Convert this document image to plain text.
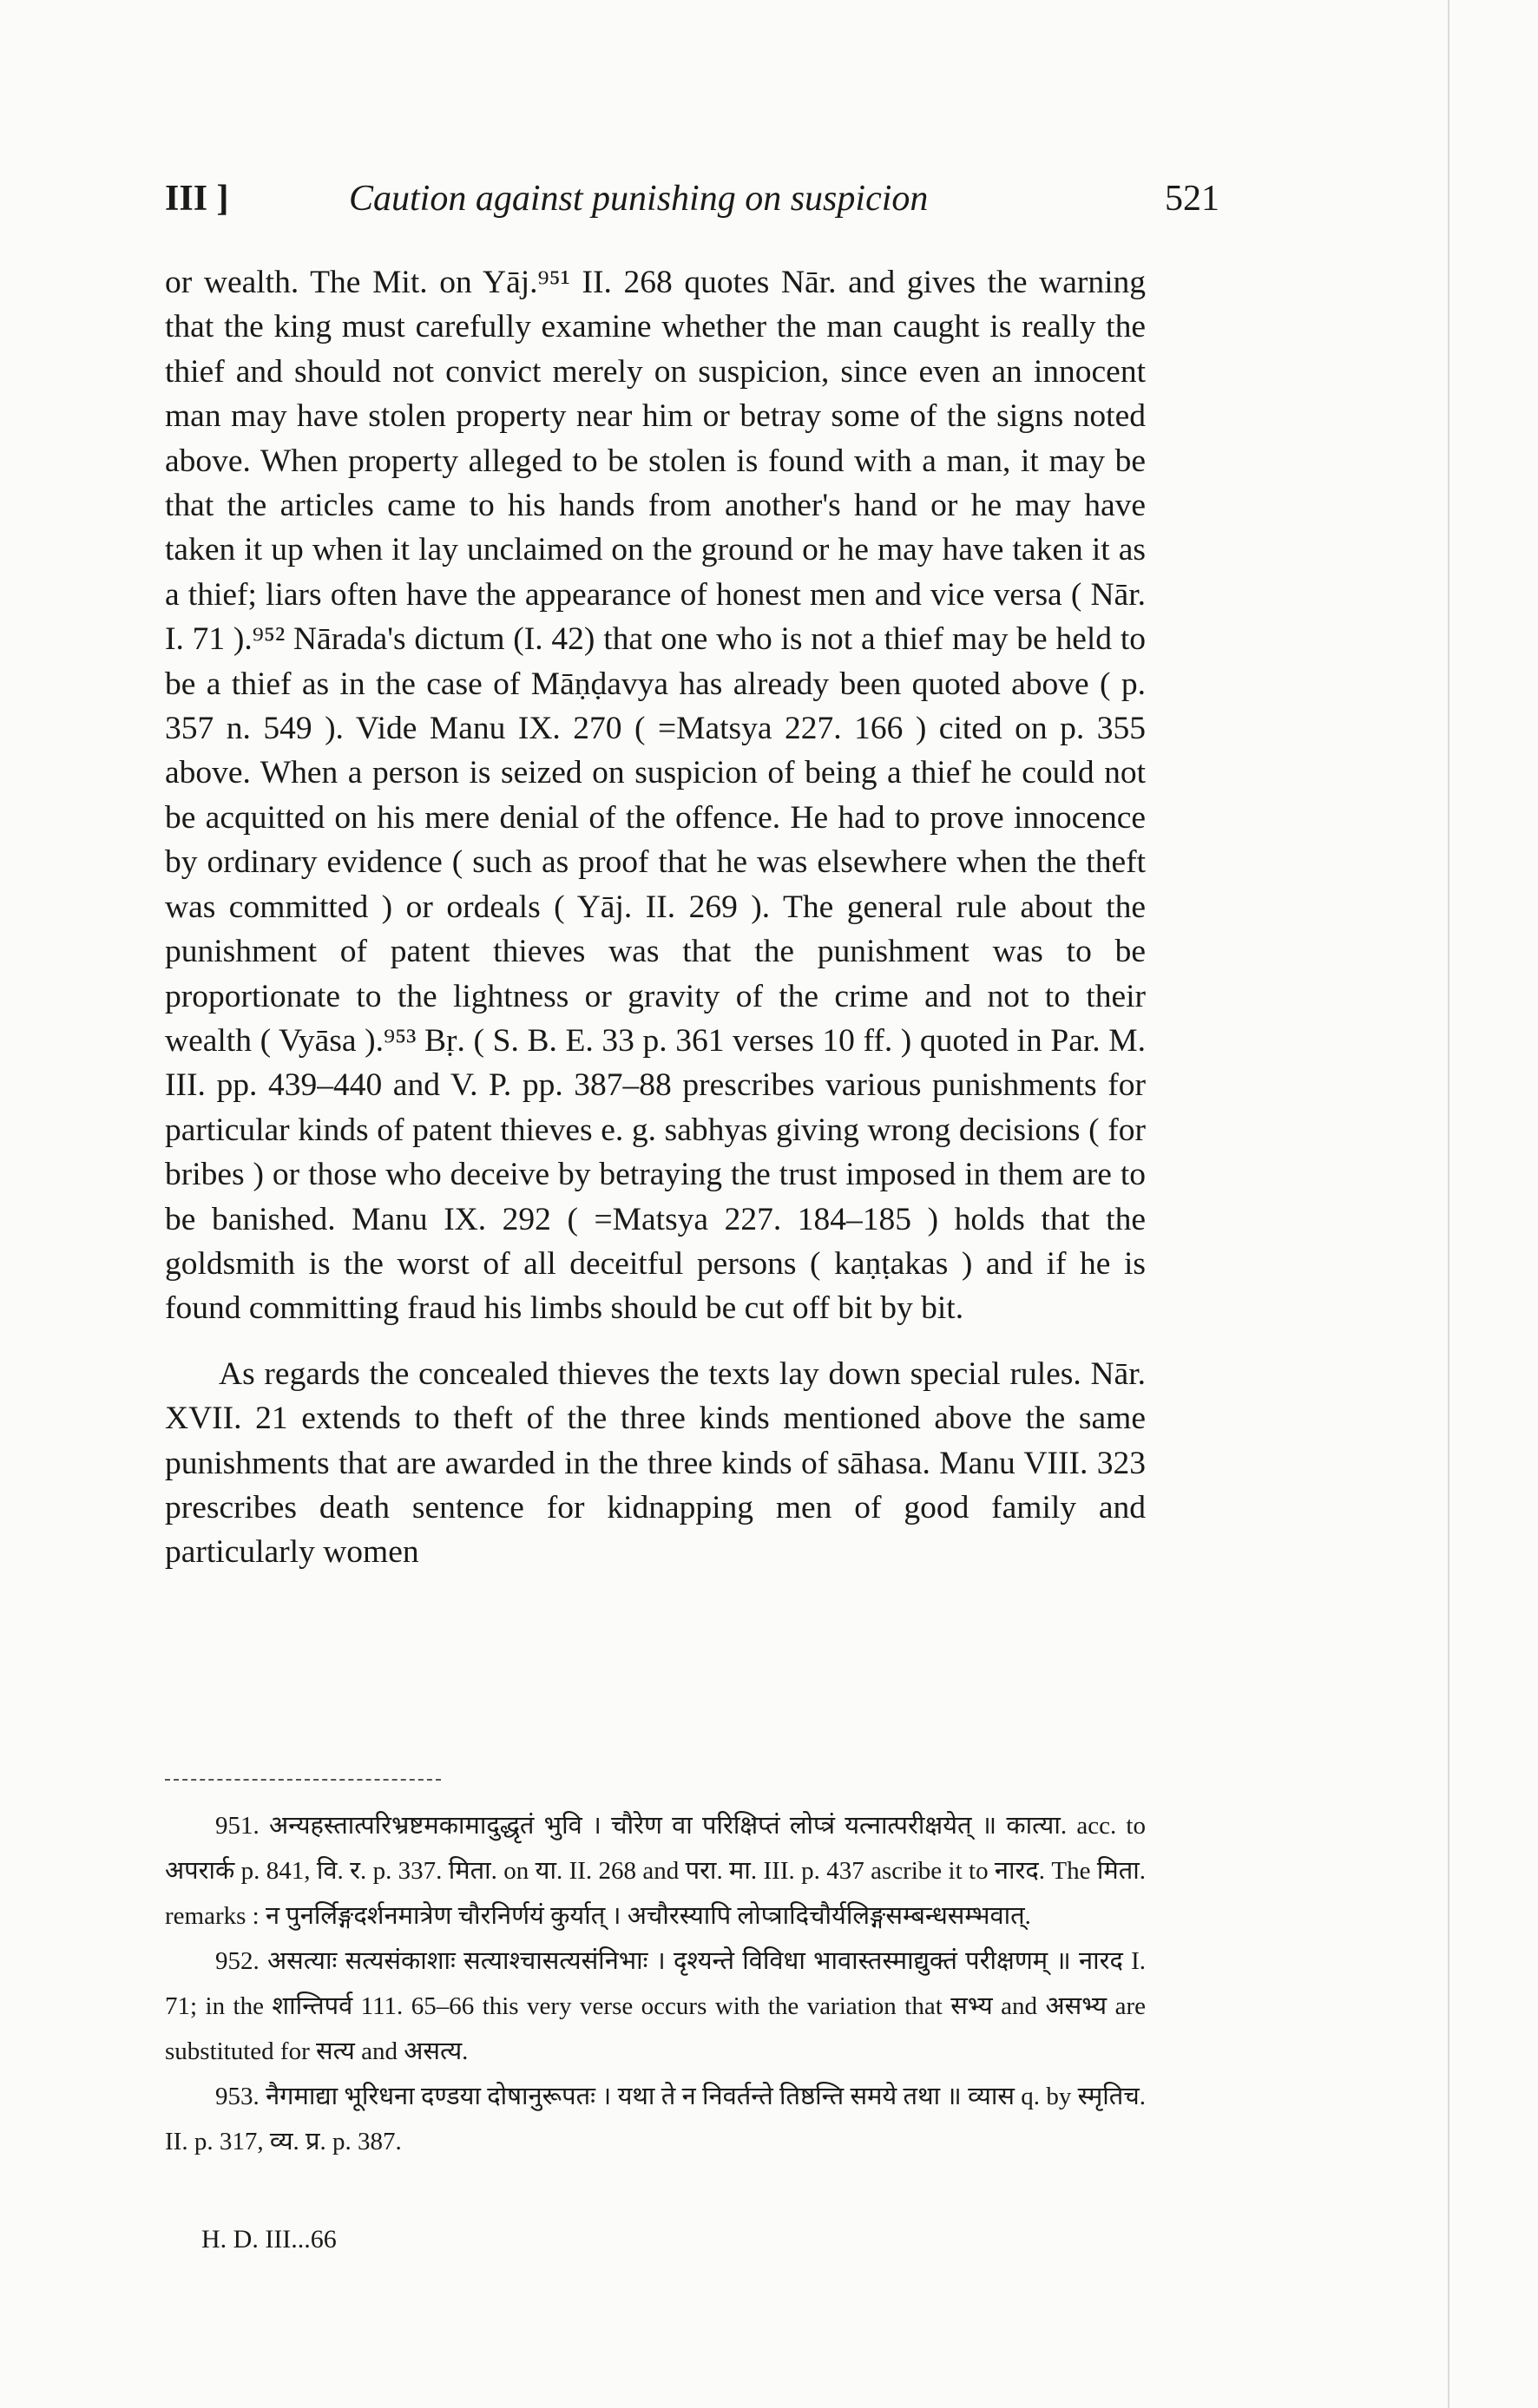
III ]	Caution against punishing on suspicion	521

or wealth. The Mit. on Yāj.⁹⁵¹ II. 268 quotes Nār. and gives the warning that the king must carefully examine whether the man caught is really the thief and should not convict merely on suspicion, since even an innocent man may have stolen property near him or betray some of the signs noted above. When property alleged to be stolen is found with a man, it may be that the articles came to his hands from another's hand or he may have taken it up when it lay unclaimed on the ground or he may have taken it as a thief; liars often have the appearance of honest men and vice versa ( Nār. I. 71 ).⁹⁵² Nārada's dictum (I. 42) that one who is not a thief may be held to be a thief as in the case of Māṇḍavya has already been quoted above ( p. 357 n. 549 ). Vide Manu IX. 270 ( =Matsya 227. 166 ) cited on p. 355 above. When a person is seized on suspicion of being a thief he could not be acquitted on his mere denial of the offence. He had to prove innocence by ordinary evidence ( such as proof that he was elsewhere when the theft was committed ) or ordeals ( Yāj. II. 269 ). The general rule about the punishment of patent thieves was that the punishment was to be proportionate to the lightness or gravity of the crime and not to their wealth ( Vyāsa ).⁹⁵³ Bṛ. ( S. B. E. 33 p. 361 verses 10 ff. ) quoted in Par. M. III. pp. 439–440 and V. P. pp. 387–88 prescribes various punishments for particular kinds of patent thieves e. g. sabhyas giving wrong decisions ( for bribes ) or those who deceive by betraying the trust imposed in them are to be banished. Manu IX. 292 ( =Matsya 227. 184–185 ) holds that the goldsmith is the worst of all deceitful persons ( kaṇṭakas ) and if he is found committing fraud his limbs should be cut off bit by bit.

As regards the concealed thieves the texts lay down special rules. Nār. XVII. 21 extends to theft of the three kinds mentioned above the same punishments that are awarded in the three kinds of sāhasa. Manu VIII. 323 prescribes death sentence for kidnapping men of good family and particularly women

951. अन्यहस्तात्परिभ्रष्टमकामादुद्धृतं भुवि । चौरेण वा परिक्षिप्तं लोप्त्रं यत्नात्परीक्षयेत् ॥ कात्या. acc. to अपरार्क p. 841, वि. र. p. 337. मिता. on या. II. 268 and परा. मा. III. p. 437 ascribe it to नारद. The मिता. remarks : न पुनर्लिङ्गदर्शनमात्रेण चौरनिर्णयं कुर्यात् । अचौरस्यापि लोप्त्रादिचौर्यलिङ्गसम्बन्धसम्भवात्.

952. असत्याः सत्यसंकाशाः सत्याश्चासत्यसंनिभाः । दृश्यन्ते विविधा भावास्तस्माद्युक्तं परीक्षणम् ॥ नारद I. 71; in the शान्तिपर्व 111. 65–66 this very verse occurs with the variation that सभ्य and असभ्य are substituted for सत्य and असत्य.

953. नैगमाद्या भूरिधना दण्डया दोषानुरूपतः । यथा ते न निवर्तन्ते तिष्ठन्ति समये तथा ॥ व्यास q. by स्मृतिच. II. p. 317, व्य. प्र. p. 387.

H. D. III...66
